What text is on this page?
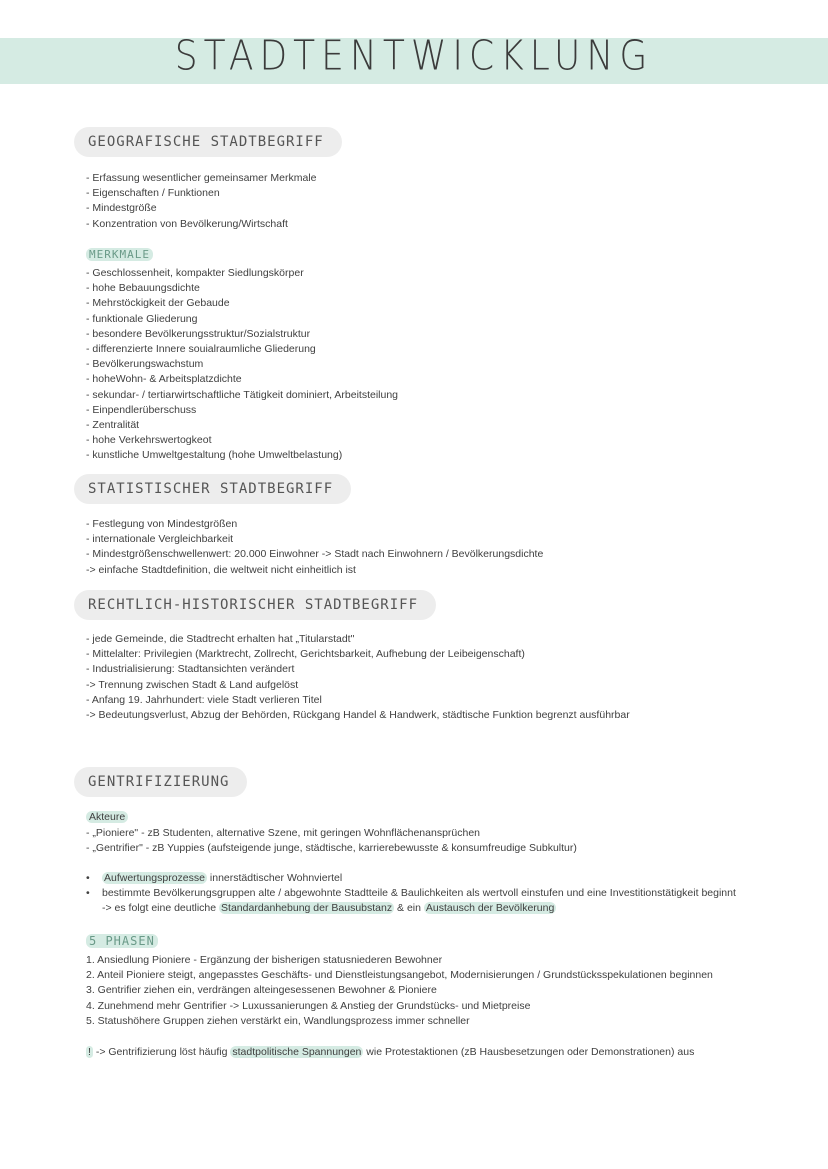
STADTENTWICKLUNG
GEOGRAFISCHE STADTBEGRIFF
- Erfassung wesentlicher gemeinsamer Merkmale
- Eigenschaften / Funktionen
- Mindestgröße
- Konzentration von Bevölkerung/Wirtschaft
MERKMALE
- Geschlossenheit, kompakter Siedlungskörper
- hohe Bebauungsdichte
- Mehrstöckigkeit der Gebaude
- funktionale Gliederung
- besondere Bevölkerungsstruktur/Sozialstruktur
- differenzierte Innere souialraumliche Gliederung
- Bevölkerungswachstum
- hoheWohn- & Arbeitsplatzdichte
- sekundar- / tertiarwirtschaftliche Tätigkeit dominiert, Arbeitsteilung
- Einpendlerüberschuss
- Zentralität
- hohe Verkehrswertogkeot
- kunstliche Umweltgestaltung (hohe Umweltbelastung)
STATISTISCHER STADTBEGRIFF
- Festlegung von Mindestgrößen
- internationale Vergleichbarkeit
- Mindestgrößenschwellenwert: 20.000 Einwohner -> Stadt nach Einwohnern / Bevölkerungsdichte
-> einfache Stadtdefinition, die weltweit nicht einheitlich ist
RECHTLICH-HISTORISCHER STADTBEGRIFF
- jede Gemeinde, die Stadtrecht erhalten hat „Titularstadt"
- Mittelalter: Privilegien (Marktrecht, Zollrecht, Gerichtsbarkeit, Aufhebung der Leibeigenschaft)
- Industrialisierung: Stadtansichten verändert
-> Trennung zwischen Stadt & Land aufgelöst
- Anfang 19. Jahrhundert: viele Stadt verlieren Titel
-> Bedeutungsverlust, Abzug der Behörden, Rückgang Handel & Handwerk, städtische Funktion begrenzt ausführbar
GENTRIFIZIERUNG
Akteure
- „Pioniere" - zB Studenten, alternative Szene, mit geringen Wohnflächenansprüchen
- „Gentrifier" - zB Yuppies (aufsteigende junge, städtische, karrierebewusste & konsumfreudige Subkultur)
•	Aufwertungsprozesse innerstädtischer Wohnviertel
•	bestimmte Bevölkerungsgruppen alte / abgewohnte Stadtteile & Baulichkeiten als wertvoll einstufen und eine Investitionstätigkeit beginnt
-> es folgt eine deutliche Standardanhebung der Bausubstanz & ein Austausch der Bevölkerung
5 PHASEN
1. Ansiedlung Pioniere - Ergänzung der bisherigen statusniederen Bewohner
2. Anteil Pioniere steigt, angepasstes Geschäfts- und Dienstleistungsangebot, Modernisierungen / Grundstücksspekulationen beginnen
3. Gentrifier ziehen ein, verdrängen alteingesessenen Bewohner & Pioniere
4. Zunehmend mehr Gentrifier -> Luxussanierungen & Anstieg der Grundstücks- und Mietpreise
5. Statushöhere Gruppen ziehen verstärkt ein, Wandlungsprozess immer schneller
! -> Gentrifizierung löst häufig stadtpolitische Spannungen wie Protestaktionen (zB Hausbesetzungen oder Demonstrationen) aus
